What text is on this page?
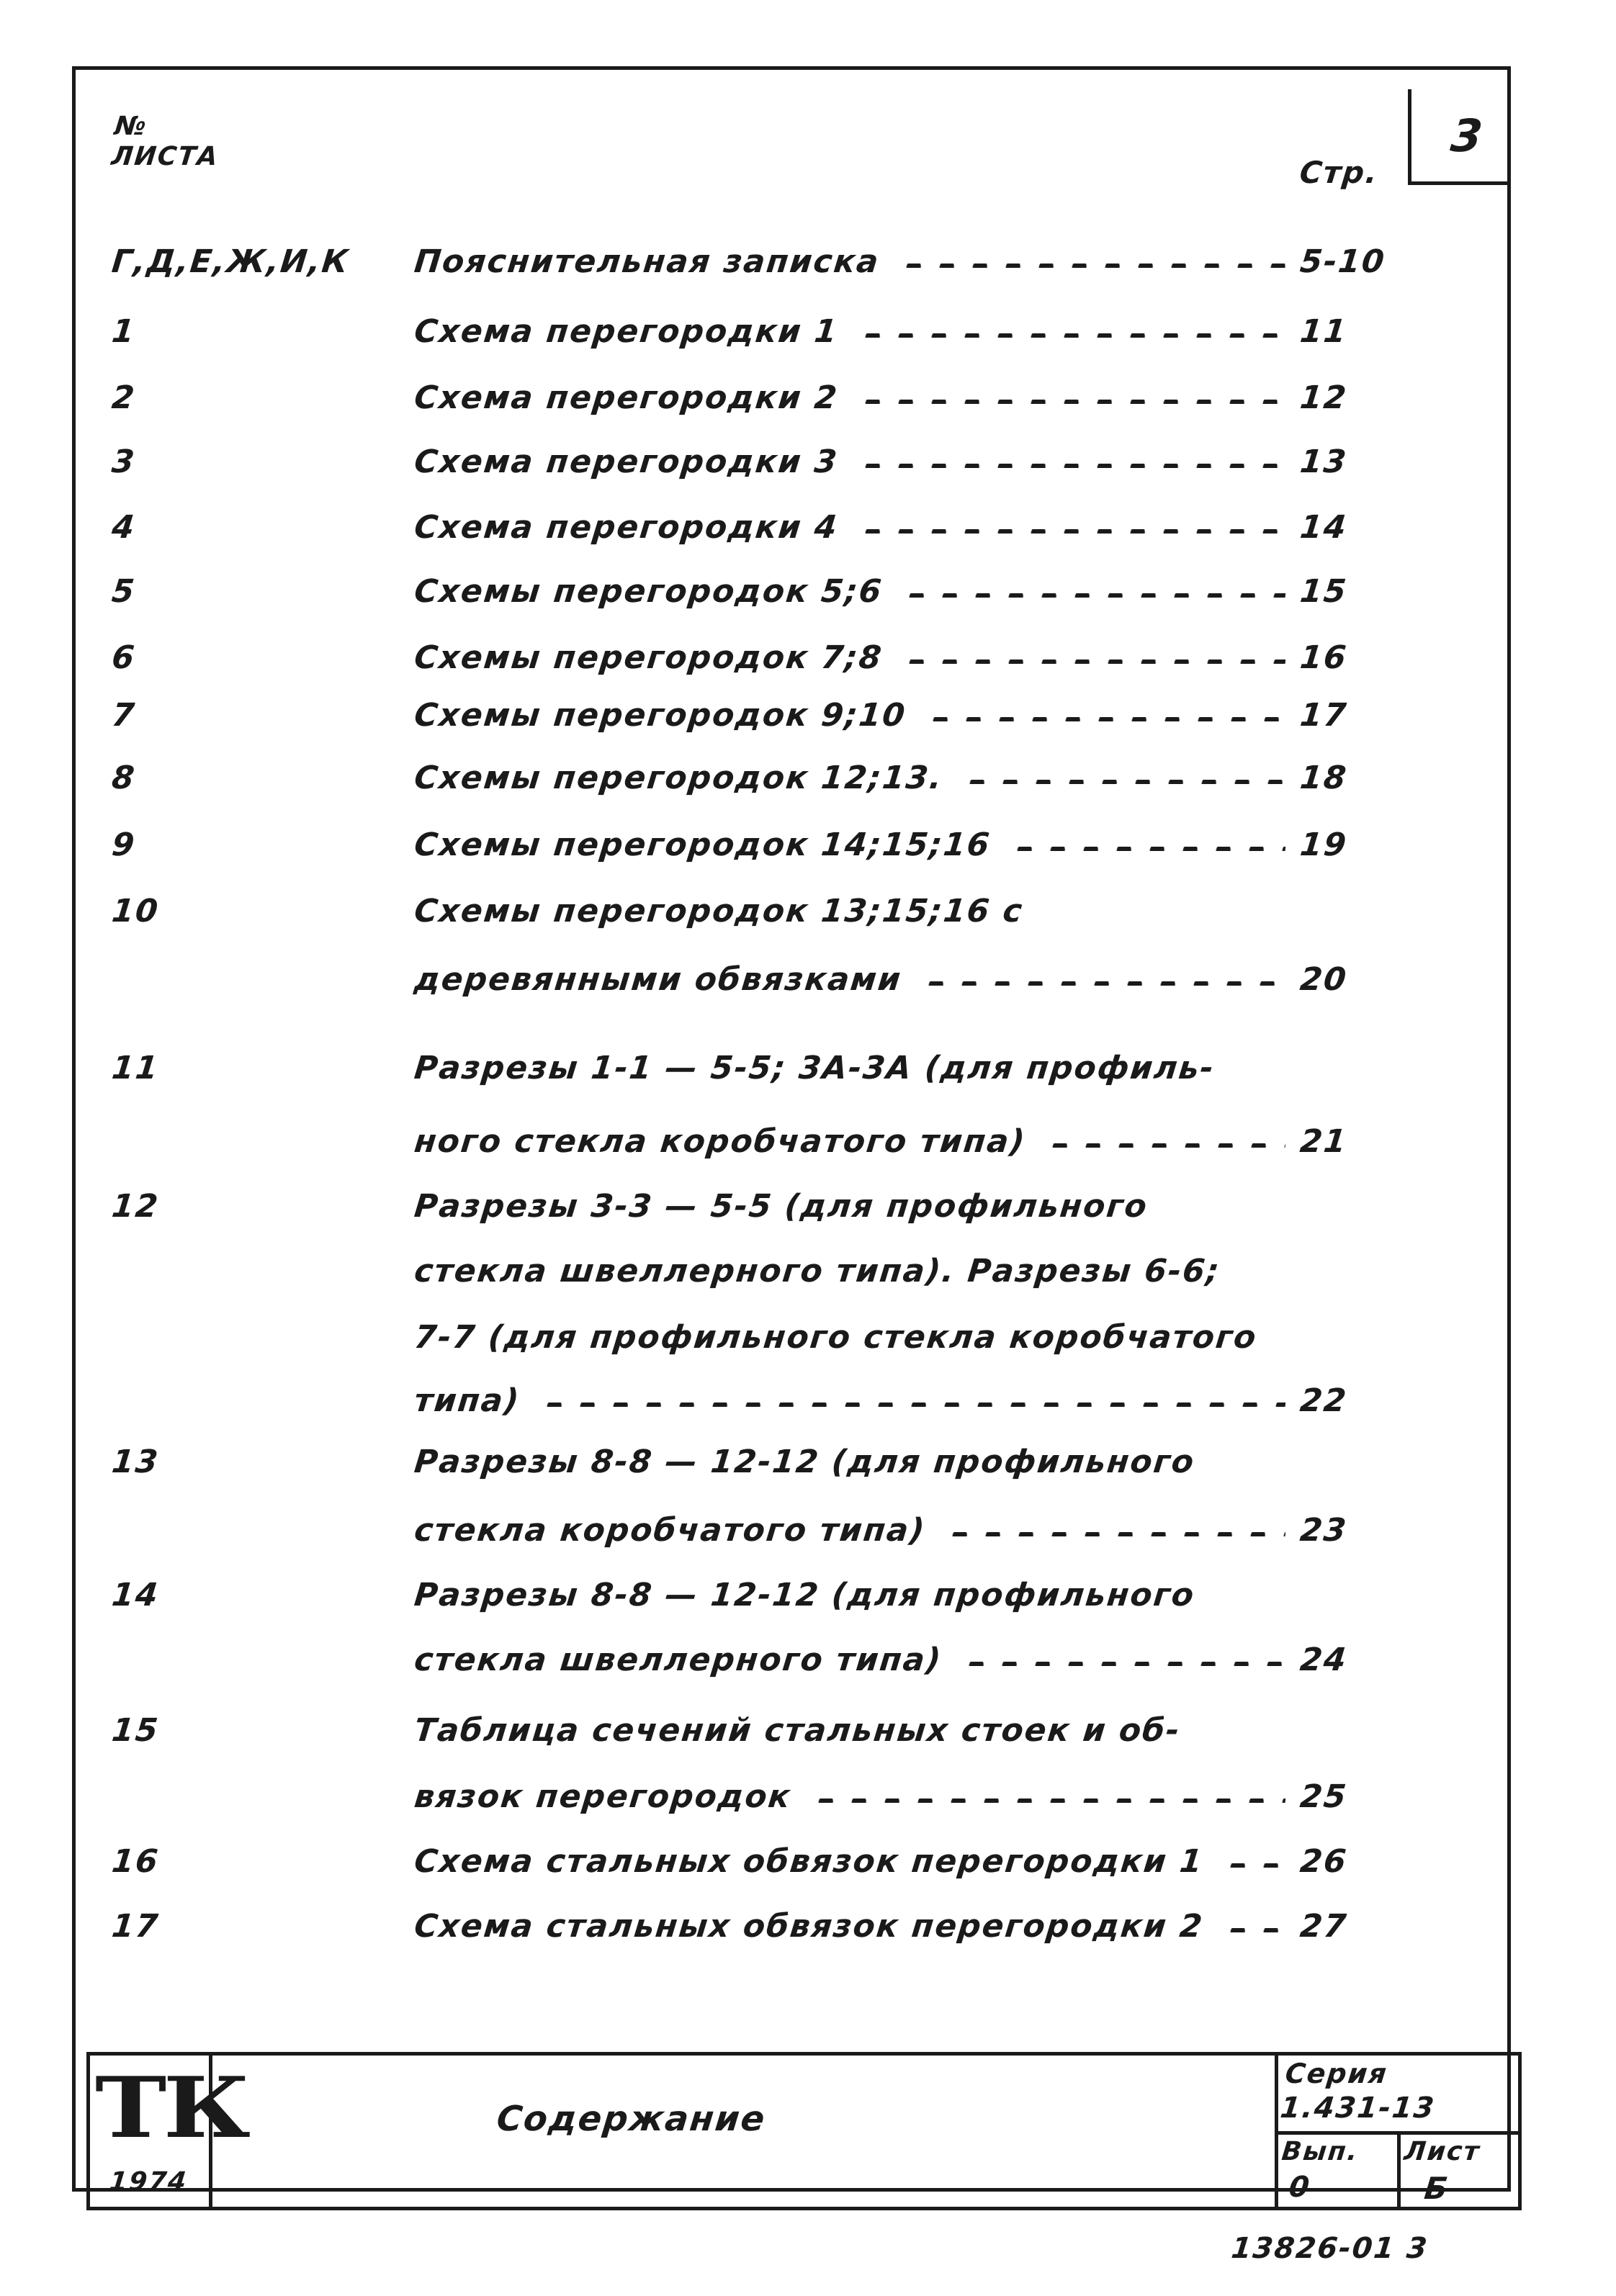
№
ЛИСТА	Стр.
3
Г,Д,Е,Ж,И,К Пояснительная записка	5-10
1	Схема перегородки 1	11
2	Схема перегородки 2	12
3	Схема перегородки 3	13
4	Схема перегородки 4	14
5	Схемы перегородок 5;6	15
6	Схемы перегородок 7;8	16
7	Схемы перегородок 9;10	17
8	Схемы перегородок 12;13.	18
9	Схемы перегородок 14;15;16	19
10	Схемы перегородок 13;15;16 с
деревянными обвязками	20
11	Разрезы 1-1 — 5-5; 3А-3А (для профиль-
ного стекла коробчатого типа)	21
12	Разрезы 3-3 — 5-5 (для профильного
стекла швеллерного типа). Разрезы 6-6;
7-7 (для профильного стекла коробчатого
типа)	22
13	Разрезы 8-8 — 12-12 (для профильного
стекла коробчатого типа)	23
14	Разрезы 8-8 — 12-12 (для профильного
стекла швеллерного типа)	24
15	Таблица сечений стальных стоек и об-
вязок перегородок	25
16	Схема стальных обвязок перегородки 1	26
17	Схема стальных обвязок перегородки 2	27
ТК
1974
Содержание
Серия
1.431-13
Вып.
0
Лист
Б
13826-01 3
